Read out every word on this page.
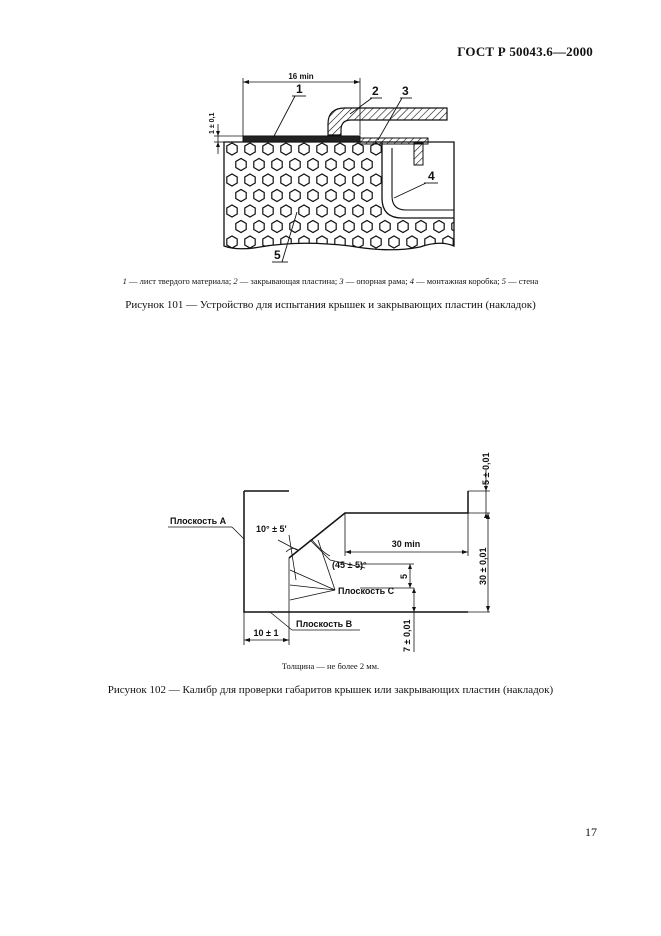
ГОСТ Р 50043.6—2000
16 min
1 ± 0,1
1	2 3
4
5
1 — лист твердого материала; 2 — закрывающая пластина; 3 — опорная рама; 4 — монтажная коробка; 5 — стена
Рисунок 101 — Устройство для испытания крышек и закрывающих пластин (накладок)
5 ± 0,01
30 ± 0,01
30 min
(45 ± 5)°
10° ± 5'
5
Плоскость С
Плоскость А
Плоскость В
10 ± 1	7 ± 0,01
Толщина — не более 2 мм.
Рисунок 102 — Калибр для проверки габаритов крышек или закрывающих пластин (накладок)
17
